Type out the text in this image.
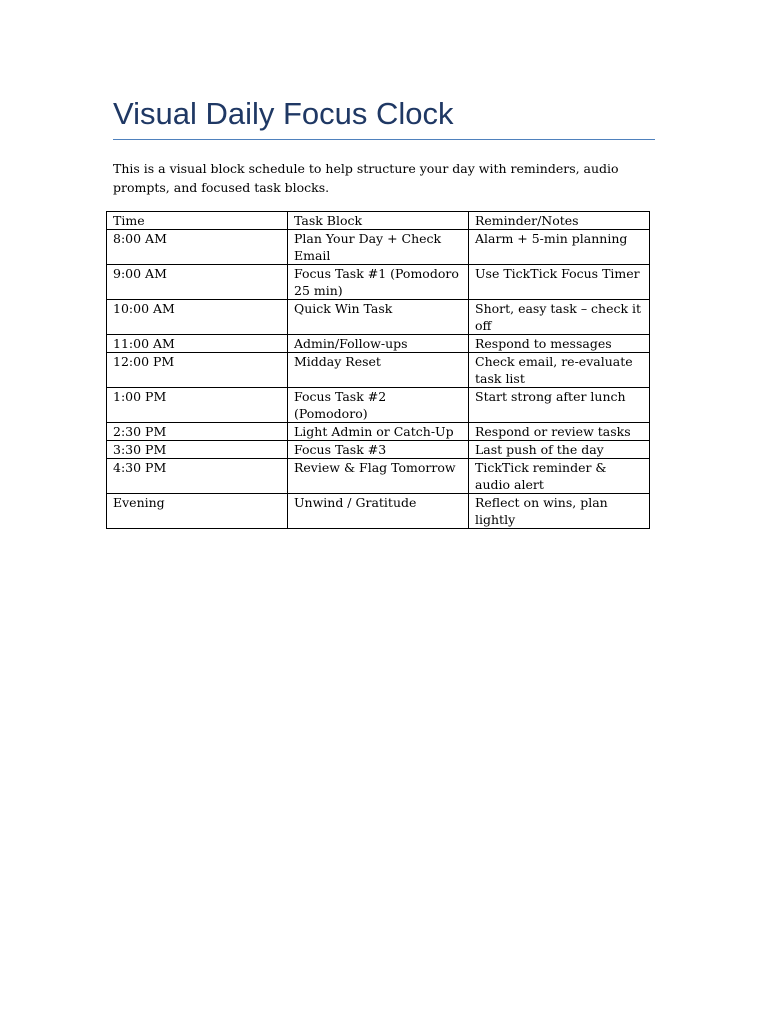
Visual Daily Focus Clock

This is a visual block schedule to help structure your day with reminders, audio prompts, and focused task blocks.

Time	Task Block	Reminder/Notes
8:00 AM	Plan Your Day + Check Email	Alarm + 5-min planning
9:00 AM	Focus Task #1 (Pomodoro 25 min)	Use TickTick Focus Timer
10:00 AM	Quick Win Task	Short, easy task – check it off
11:00 AM	Admin/Follow-ups	Respond to messages
12:00 PM	Midday Reset	Check email, re-evaluate task list
1:00 PM	Focus Task #2 (Pomodoro)	Start strong after lunch
2:30 PM	Light Admin or Catch-Up	Respond or review tasks
3:30 PM	Focus Task #3	Last push of the day
4:30 PM	Review & Flag Tomorrow	TickTick reminder & audio alert
Evening	Unwind / Gratitude	Reflect on wins, plan lightly
